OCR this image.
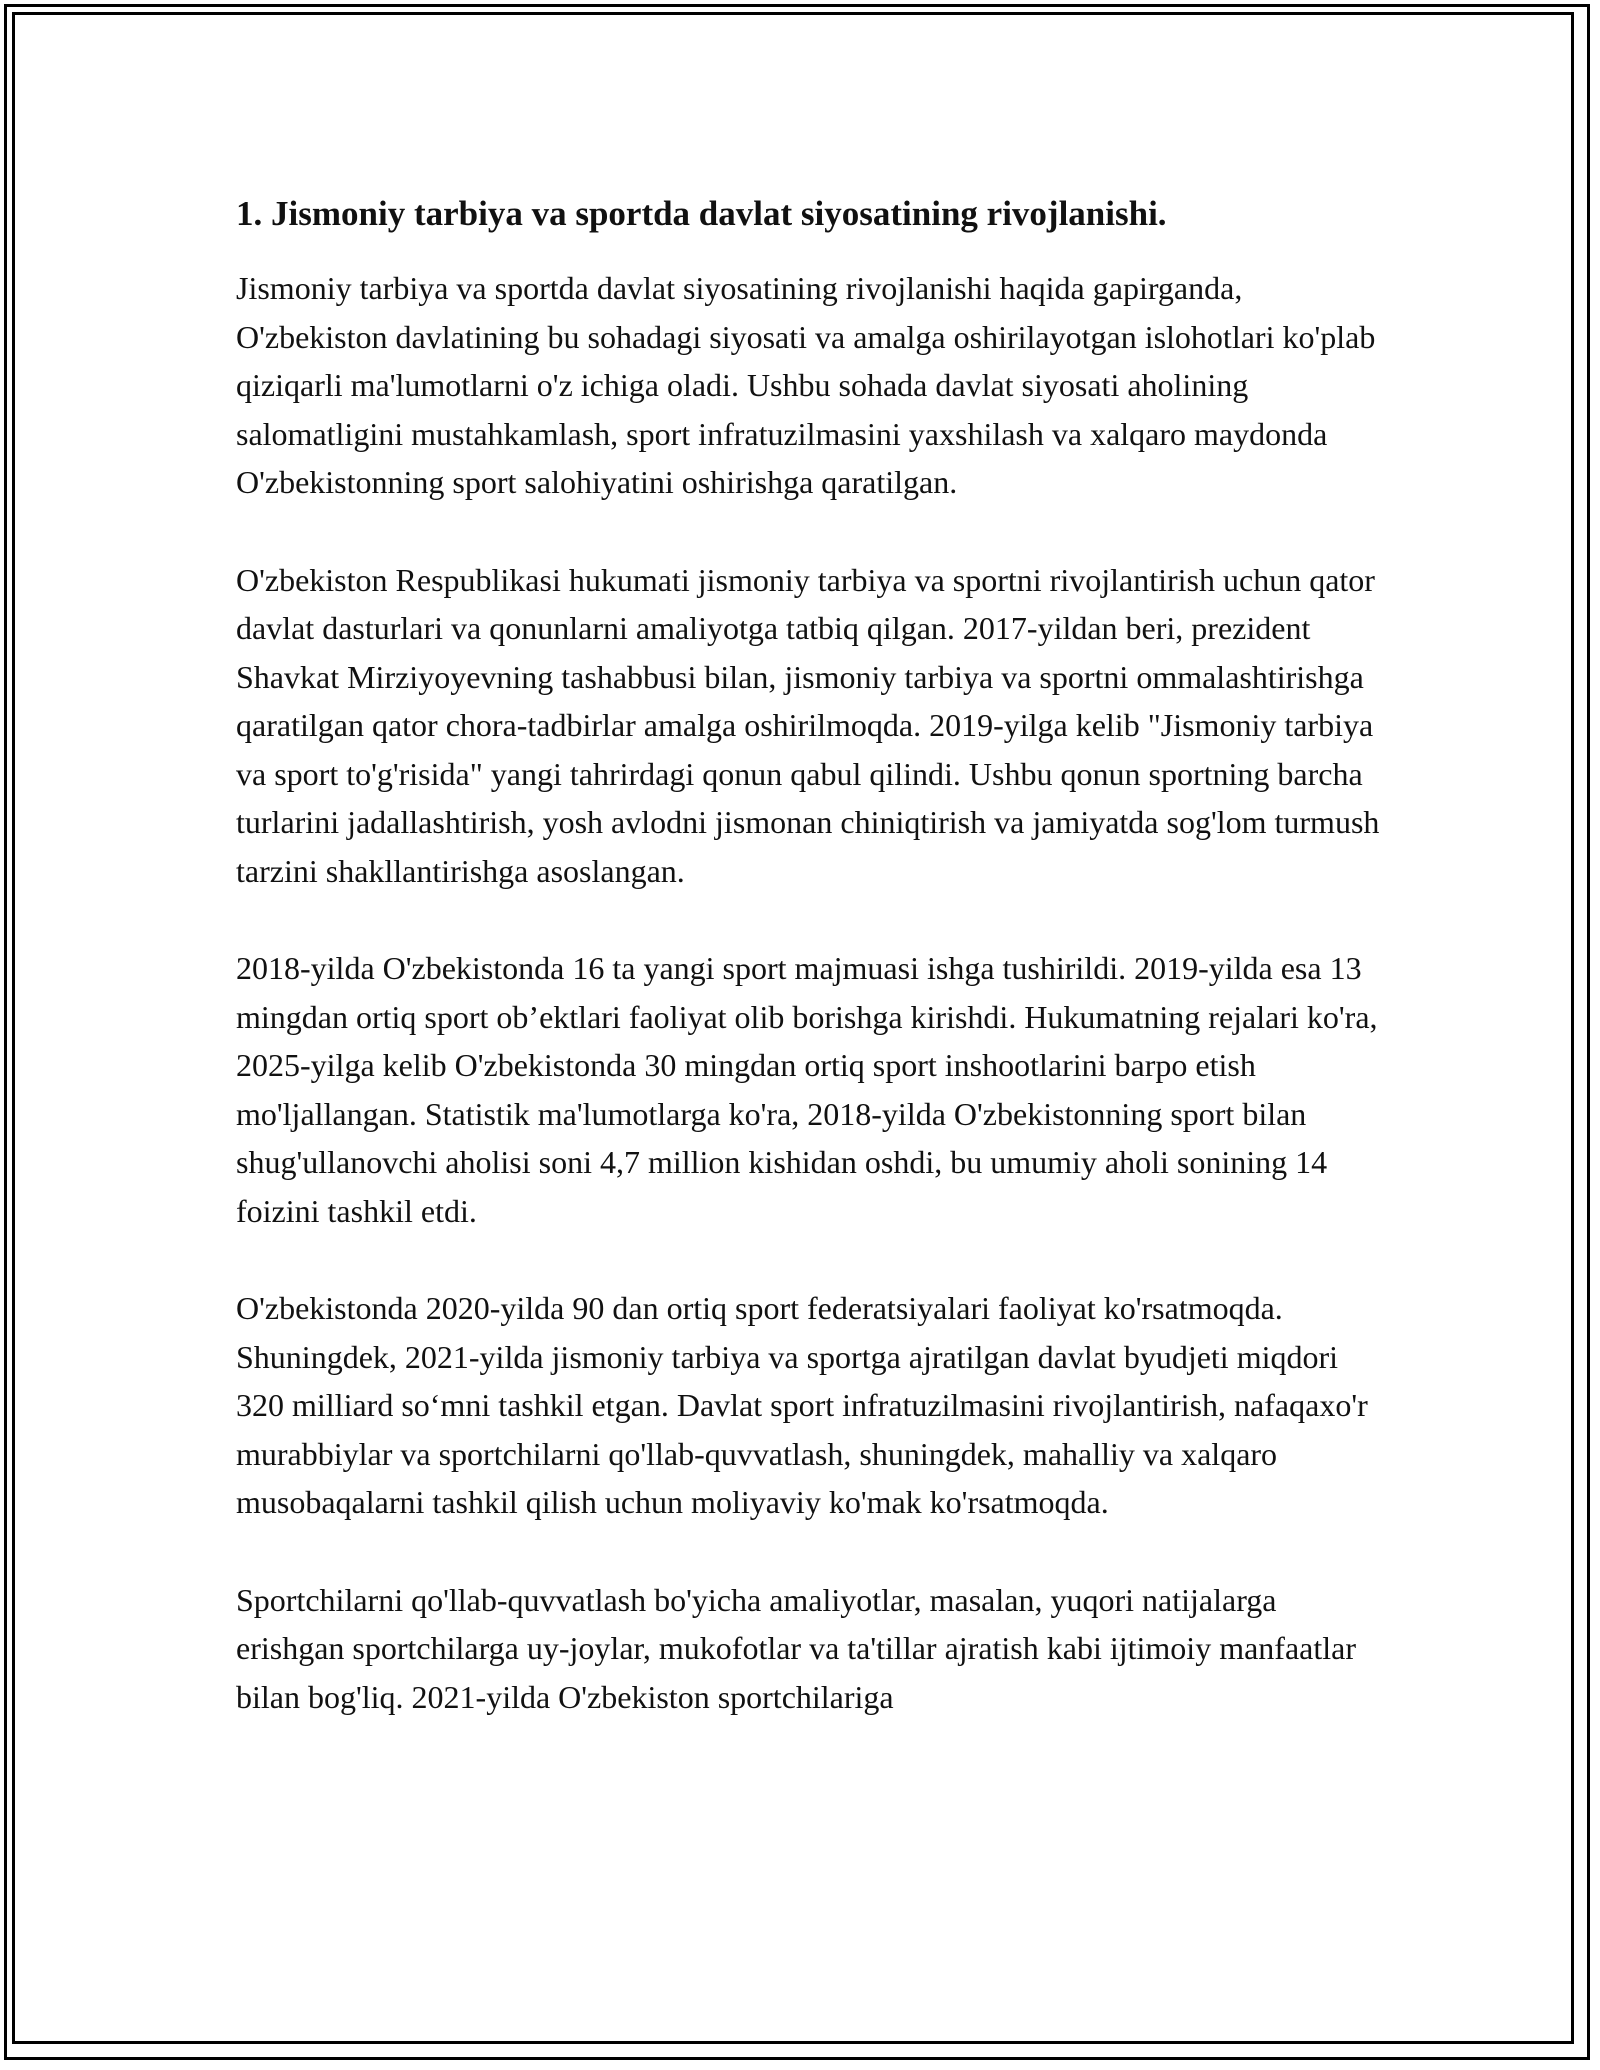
1. Jismoniy tarbiya va sportda davlat siyosatining rivojlanishi.

Jismoniy tarbiya va sportda davlat siyosatining rivojlanishi haqida gapirganda, O'zbekiston davlatining bu sohadagi siyosati va amalga oshirilayotgan islohotlari ko'plab qiziqarli ma'lumotlarni o'z ichiga oladi. Ushbu sohada davlat siyosati aholining salomatligini mustahkamlash, sport infratuzilmasini yaxshilash va xalqaro maydonda O'zbekistonning sport salohiyatini oshirishga qaratilgan.

O'zbekiston Respublikasi hukumati jismoniy tarbiya va sportni rivojlantirish uchun qator davlat dasturlari va qonunlarni amaliyotga tatbiq qilgan. 2017-yildan beri, prezident Shavkat Mirziyoyevning tashabbusi bilan, jismoniy tarbiya va sportni ommalashtirishga qaratilgan qator chora-tadbirlar amalga oshirilmoqda. 2019-yilga kelib "Jismoniy tarbiya va sport to'g'risida" yangi tahrirdagi qonun qabul qilindi. Ushbu qonun sportning barcha turlarini jadallashtirish, yosh avlodni jismonan chiniqtirish va jamiyatda sog'lom turmush tarzini shakllantirishga asoslangan.

2018-yilda O'zbekistonda 16 ta yangi sport majmuasi ishga tushirildi. 2019-yilda esa 13 mingdan ortiq sport ob’ektlari faoliyat olib borishga kirishdi. Hukumatning rejalari ko'ra, 2025-yilga kelib O'zbekistonda 30 mingdan ortiq sport inshootlarini barpo etish mo'ljallangan. Statistik ma'lumotlarga ko'ra, 2018-yilda O'zbekistonning sport bilan shug'ullanovchi aholisi soni 4,7 million kishidan oshdi, bu umumiy aholi sonining 14 foizini tashkil etdi.

O'zbekistonda 2020-yilda 90 dan ortiq sport federatsiyalari faoliyat ko'rsatmoqda. Shuningdek, 2021-yilda jismoniy tarbiya va sportga ajratilgan davlat byudjeti miqdori 320 milliard so‘mni tashkil etgan. Davlat sport infratuzilmasini rivojlantirish, nafaqaxo'r murabbiylar va sportchilarni qo'llab-quvvatlash, shuningdek, mahalliy va xalqaro musobaqalarni tashkil qilish uchun moliyaviy ko'mak ko'rsatmoqda.

Sportchilarni qo'llab-quvvatlash bo'yicha amaliyotlar, masalan, yuqori natijalarga erishgan sportchilarga uy-joylar, mukofotlar va ta'tillar ajratish kabi ijtimoiy manfaatlar bilan bog'liq. 2021-yilda O'zbekiston sportchilariga
